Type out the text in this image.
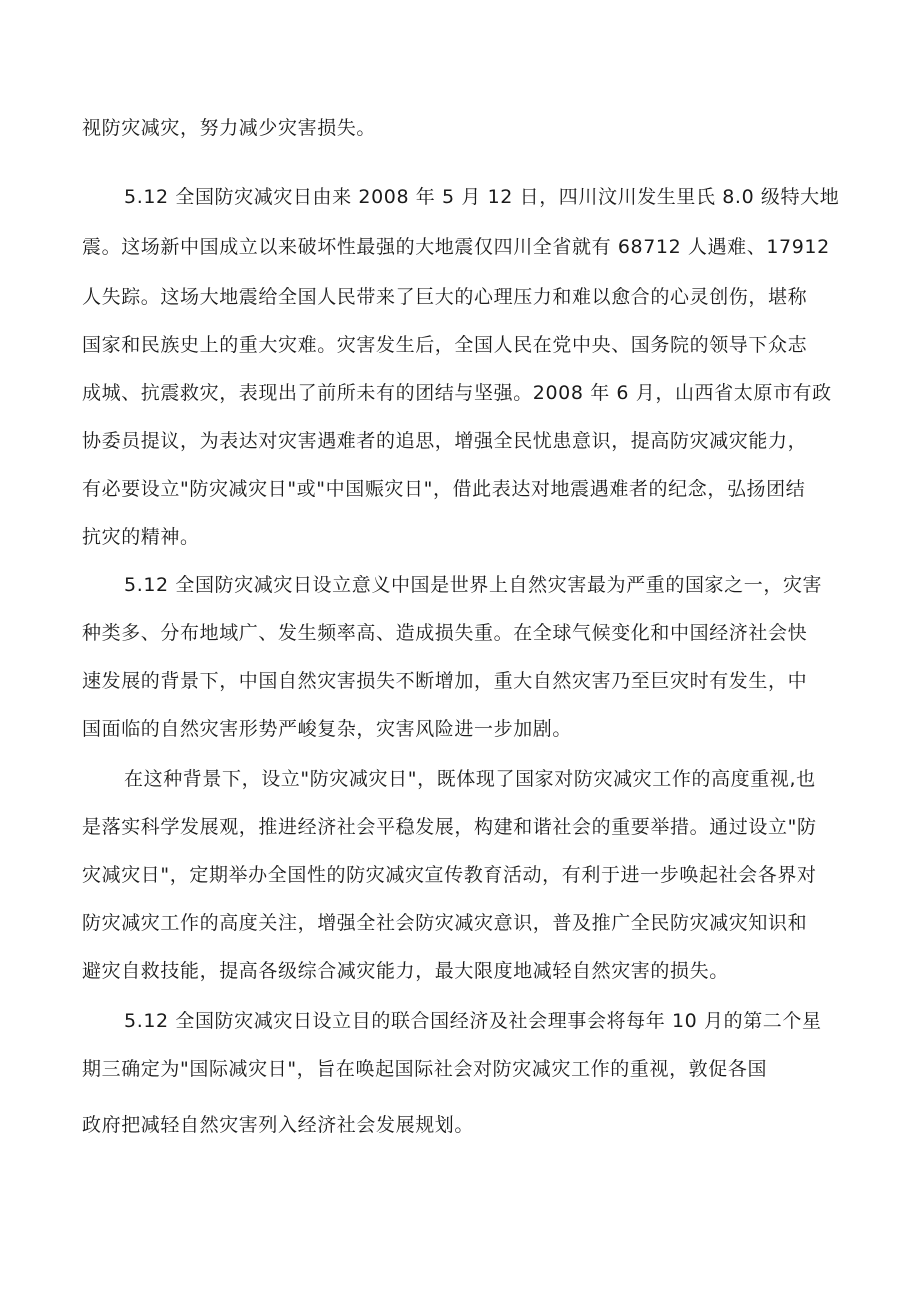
视防灾减灾，努力减少灾害损失。
5.12 全国防灾减灾日由来 2008 年 5 月 12 日，四川汶川发生里氏 8.0 级特大地
震。这场新中国成立以来破坏性最强的大地震仅四川全省就有 68712 人遇难、17912
人失踪。这场大地震给全国人民带来了巨大的心理压力和难以愈合的心灵创伤，堪称
国家和民族史上的重大灾难。灾害发生后，全国人民在党中央、国务院的领导下众志
成城、抗震救灾，表现出了前所未有的团结与坚强。2008 年 6 月，山西省太原市有政
协委员提议，为表达对灾害遇难者的追思，增强全民忧患意识，提高防灾减灾能力，
有必要设立"防灾减灾日"或"中国赈灾日"，借此表达对地震遇难者的纪念，弘扬团结
抗灾的精神。
5.12 全国防灾减灾日设立意义中国是世界上自然灾害最为严重的国家之一，灾害
种类多、分布地域广、发生频率高、造成损失重。在全球气候变化和中国经济社会快
速发展的背景下，中国自然灾害损失不断增加，重大自然灾害乃至巨灾时有发生，中
国面临的自然灾害形势严峻复杂，灾害风险进一步加剧。
在这种背景下，设立"防灾减灾日"，既体现了国家对防灾减灾工作的高度重视,也
是落实科学发展观，推进经济社会平稳发展，构建和谐社会的重要举措。通过设立"防
灾减灾日"，定期举办全国性的防灾减灾宣传教育活动，有利于进一步唤起社会各界对
防灾减灾工作的高度关注，增强全社会防灾减灾意识，普及推广全民防灾减灾知识和
避灾自救技能，提高各级综合减灾能力，最大限度地减轻自然灾害的损失。
5.12 全国防灾减灾日设立目的联合国经济及社会理事会将每年 10 月的第二个星
期三确定为"国际减灾日"，旨在唤起国际社会对防灾减灾工作的重视，敦促各国
政府把减轻自然灾害列入经济社会发展规划。
